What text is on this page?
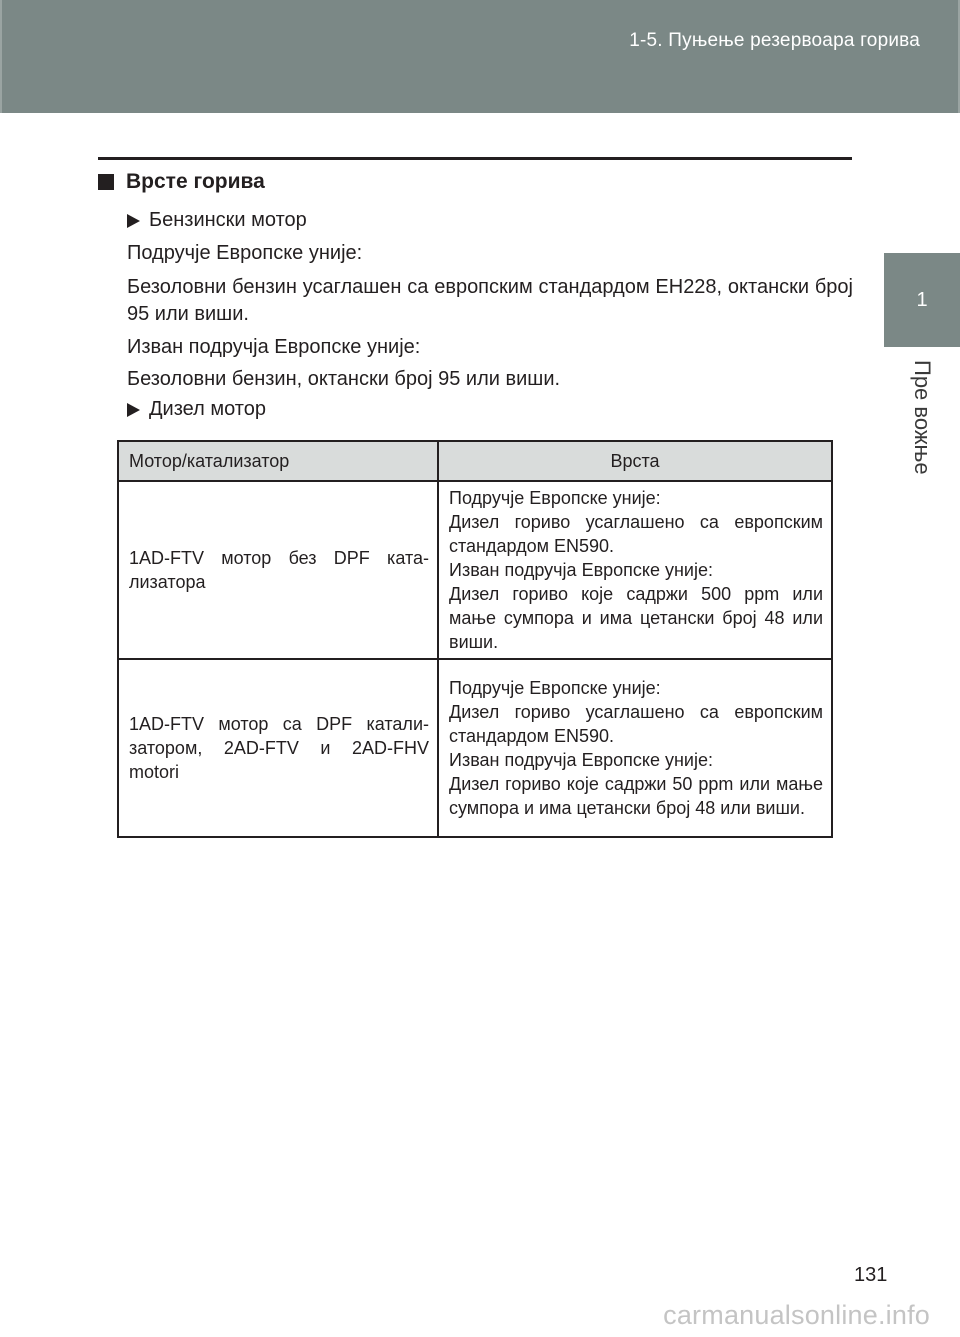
1-5. Пуњење резервоара горива
1
Пре вожње
Врсте горива
Бензински мотор
Подручје Европске уније:
Безоловни бензин усаглашен са европским стандардом ЕН228, октански број 95 или виши.
Изван подручја Европске уније:
Безоловни бензин, октански број 95 или виши.
Дизел мотор
Мотор/катализатор	Врста
1AD-FTV мотор без DPF катализатора	Подручје Европске уније:
Дизел гориво усаглашено са европским стандардом EN590.
Изван подручја Европске уније:
Дизел гориво које садржи 500 ppm или мање сумпора и има цетански број 48 или виши.

1AD-FTV мотор са DPF катализатором, 2AD-FTV и 2AD-FHV motori	Подручје Европске уније:
Дизел гориво усаглашено са европским стандардом EN590.
Изван подручја Европске уније:
Дизел гориво које садржи 50 ppm или мање сумпора и има цетански број 48 или виши.
131
carmanualsonline.info
